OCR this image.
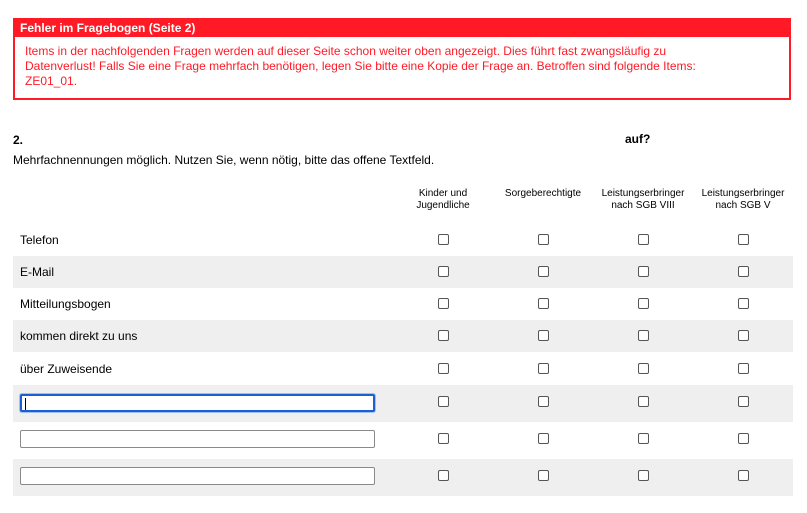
Fehler im Fragebogen (Seite 2)
Items in der nachfolgenden Fragen werden auf dieser Seite schon weiter oben angezeigt. Dies führt fast zwangsläufig zu
Datenverlust! Falls Sie eine Frage mehrfach benötigen, legen Sie bitte eine Kopie der Frage an. Betroffen sind folgende Items:
ZE01_01.
2.	auf?
Mehrfachnennungen möglich. Nutzen Sie, wenn nötig, bitte das offene Textfeld.
Kinder und
Jugendliche
Sorgeberechtigte	Leistungserbringer
nach SGB VIII
Leistungserbringer
nach SGB V
Telefon
E-Mail
Mitteilungsbogen
kommen direkt zu uns
über Zuweisende
